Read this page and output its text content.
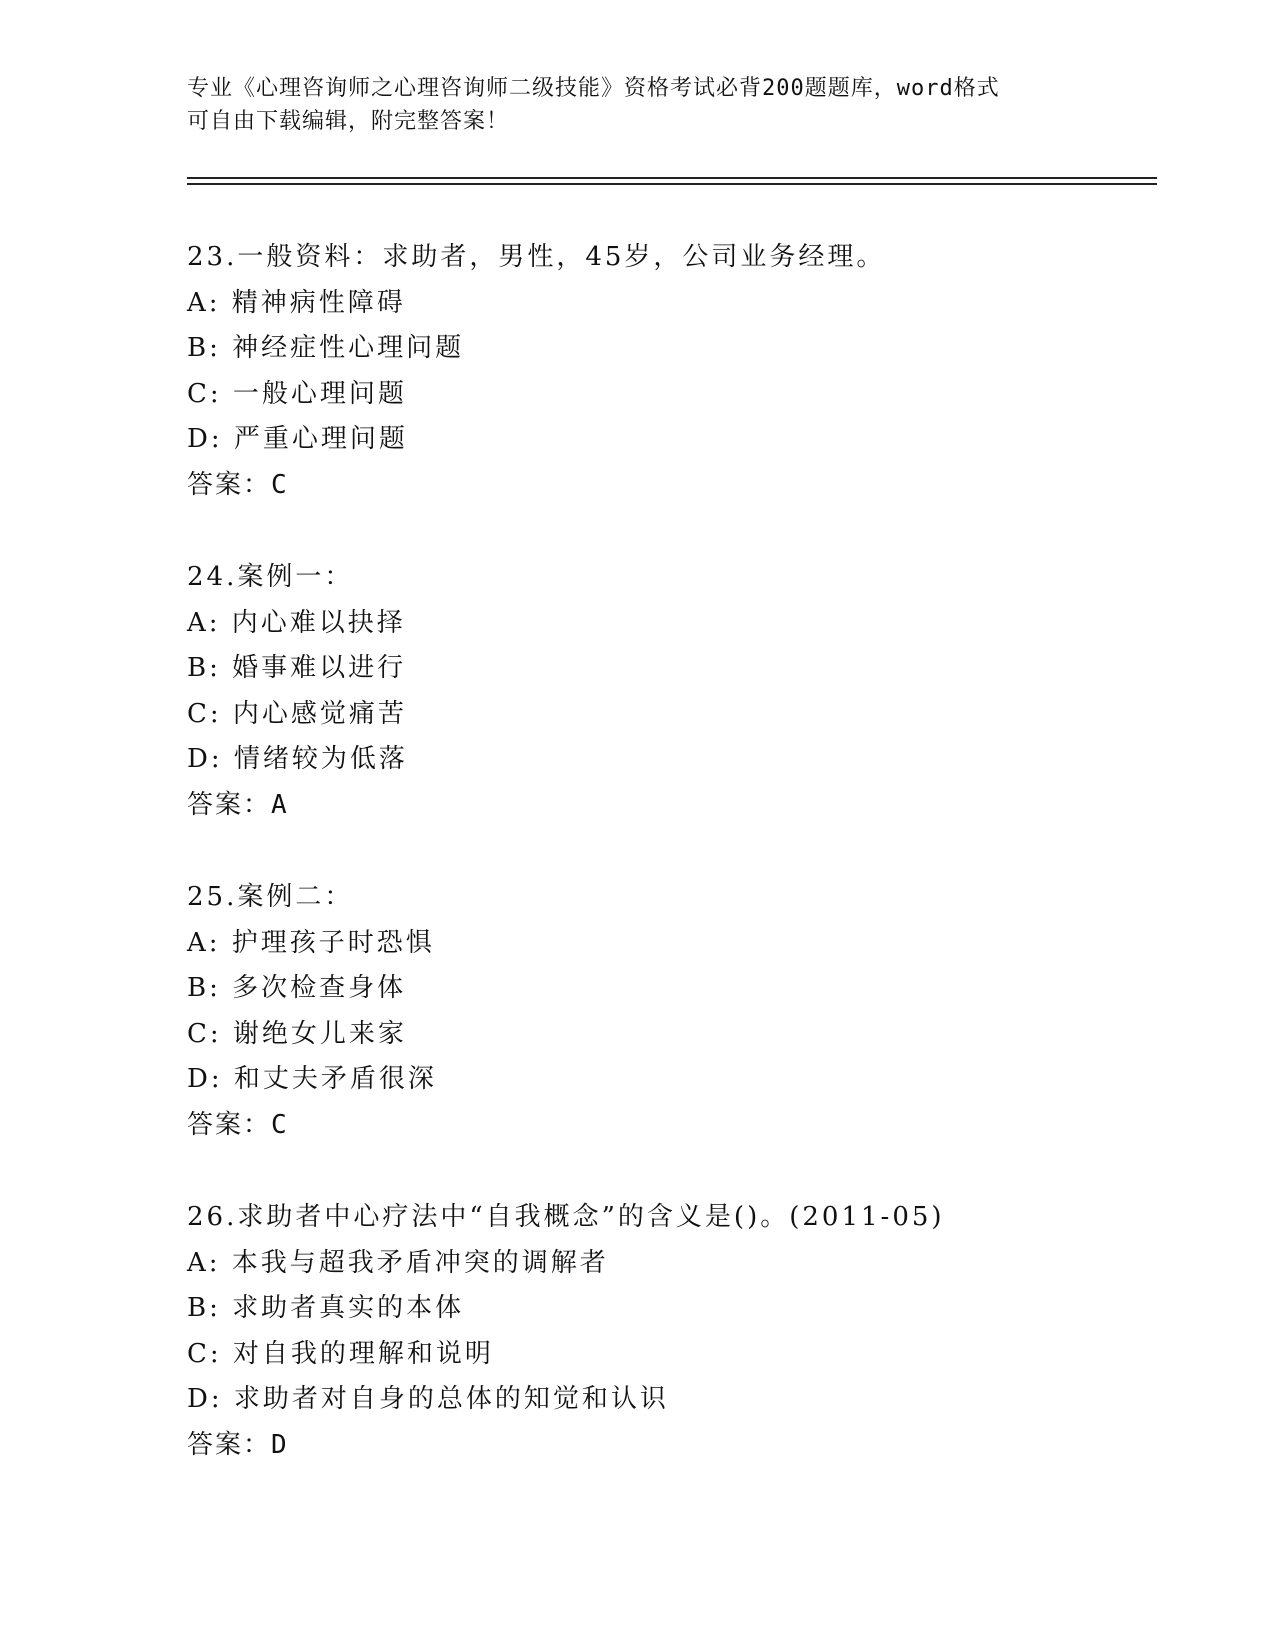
专业《心理咨询师之心理咨询师二级技能》资格考试必背200题题库，word格式
可自由下载编辑，附完整答案！
23.一般资料：求助者，男性，45岁，公司业务经理。
A: 精神病性障碍
B: 神经症性心理问题
C: 一般心理问题
D: 严重心理问题
答案：C
24.案例一：
A: 内心难以抉择
B: 婚事难以进行
C: 内心感觉痛苦
D: 情绪较为低落
答案：A
25.案例二：
A: 护理孩子时恐惧
B: 多次检查身体
C: 谢绝女儿来家
D: 和丈夫矛盾很深
答案：C
26.求助者中心疗法中“自我概念”的含义是()。(2011-05)
A: 本我与超我矛盾冲突的调解者
B: 求助者真实的本体
C: 对自我的理解和说明
D: 求助者对自身的总体的知觉和认识
答案：D
